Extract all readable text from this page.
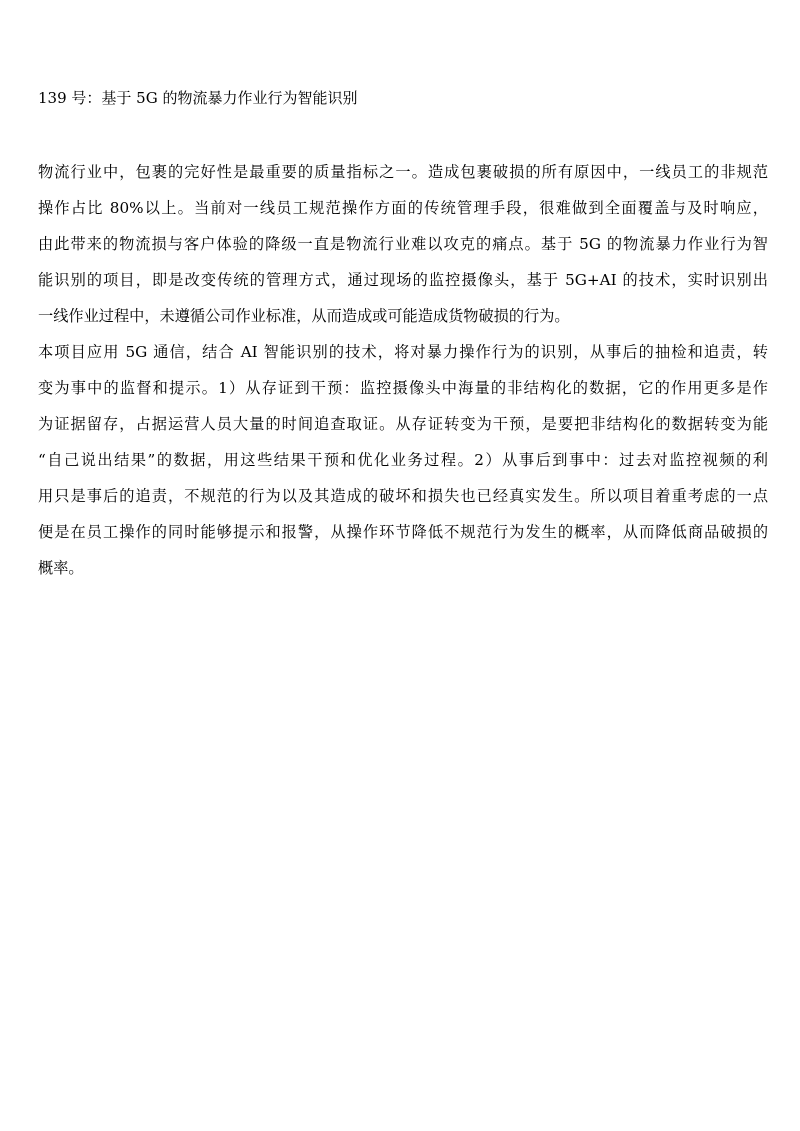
139 号：基于 5G 的物流暴力作业行为智能识别
物流行业中，包裹的完好性是最重要的质量指标之一。造成包裹破损的所有原因中，一线员工的非规范
操作占比 80%以上。当前对一线员工规范操作方面的传统管理手段，很难做到全面覆盖与及时响应，
由此带来的物流损与客户体验的降级一直是物流行业难以攻克的痛点。基于 5G 的物流暴力作业行为智
能识别的项目，即是改变传统的管理方式，通过现场的监控摄像头，基于 5G+AI 的技术，实时识别出
一线作业过程中，未遵循公司作业标准，从而造成或可能造成货物破损的行为。
本项目应用 5G 通信，结合 AI 智能识别的技术，将对暴力操作行为的识别，从事后的抽检和追责，转
变为事中的监督和提示。1）从存证到干预：监控摄像头中海量的非结构化的数据，它的作用更多是作
为证据留存，占据运营人员大量的时间追查取证。从存证转变为干预，是要把非结构化的数据转变为能
“自己说出结果”的数据，用这些结果干预和优化业务过程。2）从事后到事中：过去对监控视频的利
用只是事后的追责，不规范的行为以及其造成的破坏和损失也已经真实发生。所以项目着重考虑的一点
便是在员工操作的同时能够提示和报警，从操作环节降低不规范行为发生的概率，从而降低商品破损的
概率。
